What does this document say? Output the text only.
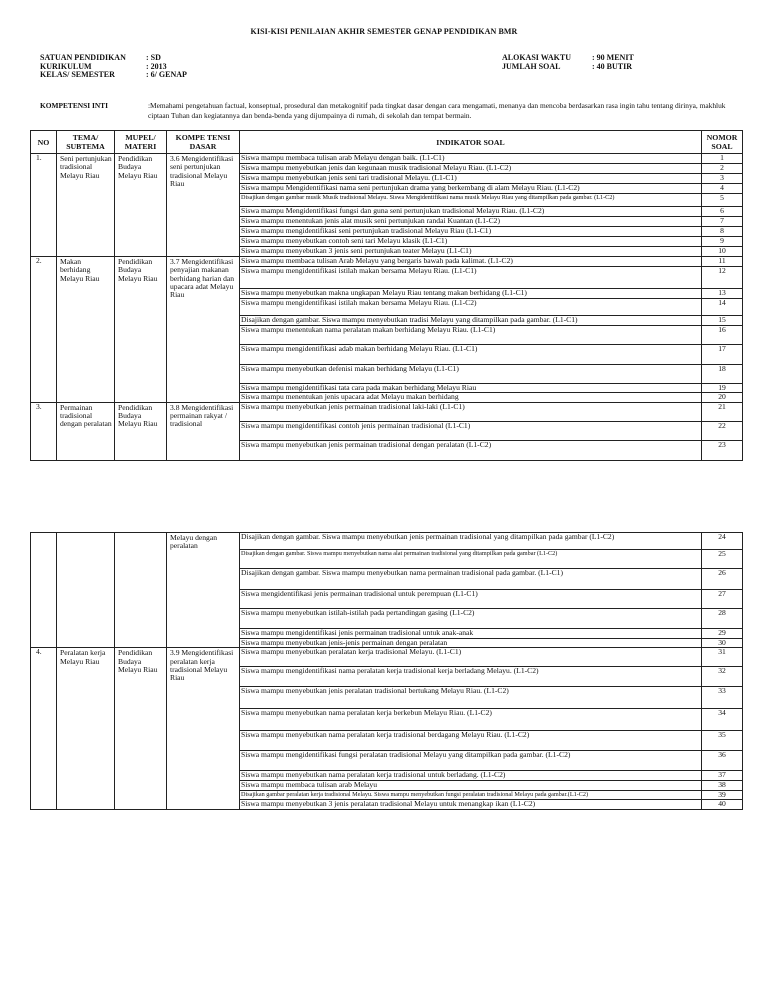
KISI-KISI PENILAIAN AKHIR SEMESTER GENAP PENDIDIKAN BMR
SATUAN PENDIDIKAN	: SD
KURIKULUM	: 2013
KELAS/ SEMESTER	: 6/ GENAP
ALOKASI WAKTU	: 90 MENIT
JUMLAH SOAL	: 40 BUTIR
KOMPETENSI INTI	:Memahami pengetahuan factual, konseptual, prosedural dan metakognitif pada tingkat dasar dengan cara mengamati, menanya dan mencoba berdasarkan rasa ingin tahu tentang dirinya, makhluk ciptaan Tuhan dan kegiatannya dan benda-benda yang dijumpainya di rumah, di sekolah dan tempat bermain.
NO	TEMA/ SUBTEMA	MUPEL/ MATERI	KOMPE TENSI DASAR	INDIKATOR SOAL	NOMOR SOAL
1.	Seni pertunjukan tradisional Melayu Riau	Pendidikan Budaya Melayu Riau	3.6 Mengidentifikasi seni pertunjukan tradisional Melayu Riau	Siswa mampu membaca tulisan arab Melayu dengan baik. (L1-C1)	1
				Siswa mampu menyebutkan jenis dan kegunaan musik tradisional Melayu Riau. (L1-C2)	2
				Siswa mampu menyebutkan jenis seni tari tradisional Melayu. (L1-C1)	3
				Siswa mampu Mengidentifikasi nama seni pertunjukan drama yang berkembang di alam Melayu Riau. (L1-C2)	4
				Disajikan dengan gambar musik Musik tradisional Melayu. Siswa Mengidentifikasi nama musik Melayu Riau yang ditampilkan pada gambar. (L1-C2)	5
				Siswa mampu Mengidentifikasi fungsi dan guna seni pertunjukan tradisional Melayu Riau. (L1-C2)	6
				Siswa mampu menentukan jenis alat musik seni pertunjukan randai Kuantan (L1-C2)	7
				Siswa mampu mengidentifikasi seni pertunjukan tradisional Melayu Riau (L1-C1)	8
				Siswa mampu menyebutkan contoh seni tari Melayu klasik (L1-C1)	9
				Siswa mampu menyebutkan 3 jenis seni pertunjukan teater Melayu (L1-C1)	10
2.	Makan berhidang Melayu Riau	Pendidikan Budaya Melayu Riau	3.7 Mengidentifikasi penyajian makanan berhidang harian dan upacara adat Melayu Riau	Siswa mampu membaca tulisan Arab Melayu yang bergaris bawah pada kalimat. (L1-C2)	11
				Siswa mampu mengidentifikasi istilah makan bersama Melayu Riau. (L1-C1)	12
				Siswa mampu menyebutkan makna ungkapan Melayu Riau tentang makan berhidang (L1-C1)	13
				Siswa mampu mengidentifikasi istilah makan bersama Melayu Riau. (L1-C2)	14
				Disajikan dengan gambar. Siswa mampu menyebutkan tradisi Melayu yang ditampilkan pada gambar. (L1-C1)	15
				Siswa mampu menentukan nama peralatan makan berhidang Melayu Riau. (L1-C1)	16
				Siswa mampu mengidentifikasi adab makan berhidang Melayu Riau. (L1-C1)	17
				Siswa mampu menyebutkan defenisi makan berhidang Melayu (L1-C1)	18
				Siswa mampu mengidentifikasi tata cara pada makan berhidang Melayu Riau	19
				Siswa mampu menentukan jenis upacara adat Melayu makan berhidang	20
3.	Permainan tradisional dengan peralatan	Pendidikan Budaya Melayu Riau	3.8 Mengidentifikasi permainan rakyat / tradisional	Siswa mampu menyebutkan jenis permainan tradisional laki-laki (L1-C1)	21
				Siswa mampu mengidentifikasi contoh jenis permainan tradisional (L1-C1)	22
				Siswa mampu menyebutkan jenis permainan tradisional dengan peralatan (L1-C2)	23

			Melayu dengan peralatan	Disajikan dengan gambar. Siswa mampu menyebutkan jenis permainan tradisional yang ditampilkan pada gambar (L1-C2)	24
				Disajikan dengan gambar. Siswa mampu menyebutkan nama alat permainan tradisional yang ditampilkan pada gambar (L1-C2)	25
				Disajikan dengan gambar. Siswa mampu menyebutkan nama permainan tradisional pada gambar. (L1-C1)	26
				Siswa mengidentifikasi jenis permainan tradisional untuk perempuan (L1-C1)	27
				Siswa mampu menyebutkan istilah-istilah pada pertandingan gasing (L1-C2)	28
				Siswa mampu mengidentifikasi jenis permainan tradisional untuk anak-anak	29
				Siswa mampu menyebutkan jenis-jenis permainan dengan peralatan	30
4.	Peralatan kerja Melayu Riau	Pendidikan Budaya Melayu Riau	3.9 Mengidentifikasi peralatan kerja tradisional Melayu Riau	Siswa mampu menyebutkan peralatan kerja tradisional Melayu. (L1-C1)	31
				Siswa mampu mengidentifikasi nama peralatan kerja tradisional kerja berladang Melayu. (L1-C2)	32
				Siswa mampu menyebutkan jenis peralatan tradisional bertukang Melayu Riau. (L1-C2)	33
				Siswa mampu menyebutkan nama peralatan kerja berkebun Melayu Riau. (L1-C2)	34
				Siswa mampu menyebutkan nama peralatan kerja tradisional berdagang Melayu Riau. (L1-C2)	35
				Siswa mampu mengidentifikasi fungsi peralatan tradisional Melayu yang ditampilkan pada gambar. (L1-C2)	36
				Siswa mampu menyebutkan nama peralatan kerja tradisional untuk berladang. (L1-C2)	37
				Siswa mampu membaca tulisan arab Melayu	38
				Disajikan gambar peralatan kerja tradisional Melayu. Siswa mampu menyebutkan fungsi peralatan tradisional Melayu pada gambar.(L1-C2)	39
				Siswa mampu menyebutkan 3 jenis peralatan tradisional Melayu untuk menangkap ikan (L1-C2)	40
